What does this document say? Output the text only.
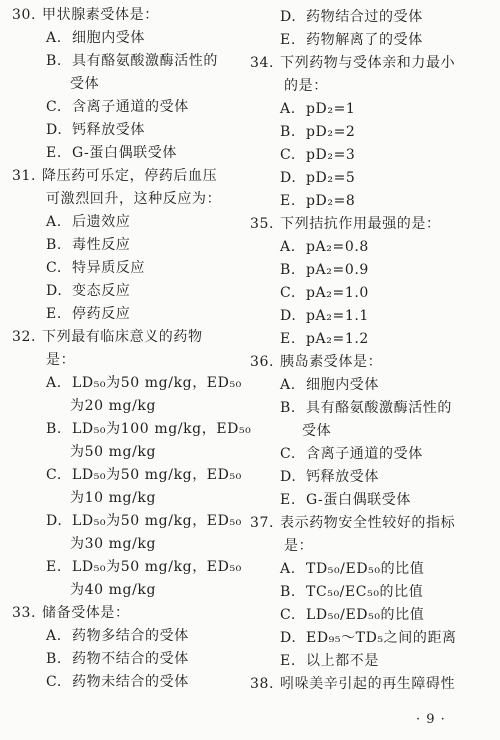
30. 甲状腺素受体是：
A. 细胞内受体
B. 具有酪氨酸激酶活性的
受体
C. 含离子通道的受体
D. 钙释放受体
E. G-蛋白偶联受体
31. 降压药可乐定，停药后血压
可激烈回升，这种反应为：
A. 后遗效应
B. 毒性反应
C. 特异质反应
D. 变态反应
E. 停药反应
32. 下列最有临床意义的药物
是：
A. LD₅₀为50 mg/kg，ED₅₀
为20 mg/kg
B. LD₅₀为100 mg/kg，ED₅₀
为50 mg/kg
C. LD₅₀为50 mg/kg，ED₅₀
为10 mg/kg
D. LD₅₀为50 mg/kg，ED₅₀
为30 mg/kg
E. LD₅₀为50 mg/kg，ED₅₀
为40 mg/kg
33. 储备受体是：
A. 药物多结合的受体
B. 药物不结合的受体
C. 药物未结合的受体
D. 药物结合过的受体
E. 药物解离了的受体
34. 下列药物与受体亲和力最小
的是：
A. pD₂=1
B. pD₂=2
C. pD₂=3
D. pD₂=5
E. pD₂=8
35. 下列拮抗作用最强的是：
A. pA₂=0.8
B. pA₂=0.9
C. pA₂=1.0
D. pA₂=1.1
E. pA₂=1.2
36. 胰岛素受体是：
A. 细胞内受体
B. 具有酪氨酸激酶活性的
受体
C. 含离子通道的受体
D. 钙释放受体
E. G-蛋白偶联受体
37. 表示药物安全性较好的指标
是：
A. TD₅₀/ED₅₀的比值
B. TC₅₀/EC₅₀的比值
C. LD₅₀/ED₅₀的比值
D. ED₉₅～TD₅之间的距离
E. 以上都不是
38. 吲哚美辛引起的再生障碍性
· 9 ·
